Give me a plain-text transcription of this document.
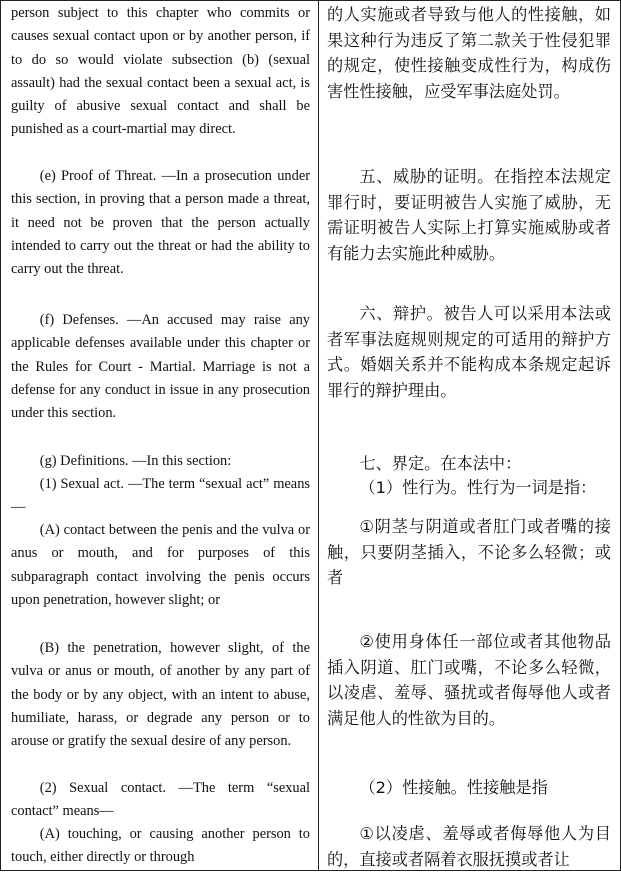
person subject to this chapter who commits or causes sexual contact upon or by another person, if to do so would violate subsection (b) (sexual assault) had the sexual contact been a sexual act, is guilty of abusive sexual contact and shall be punished as a court-martial may direct.

(e) Proof of Threat. —In a prosecution under this section, in proving that a person made a threat, it need not be proven that the person actually intended to carry out the threat or had the ability to carry out the threat.

(f) Defenses. —An accused may raise any applicable defenses available under this chapter or the Rules for Court - Martial. Marriage is not a defense for any conduct in issue in any prosecution under this section.

(g) Definitions. —In this section:

(1) Sexual act. —The term “sexual act” means—

(A) contact between the penis and the vulva or anus or mouth, and for purposes of this subparagraph contact involving the penis occurs upon penetration, however slight; or

(B) the penetration, however slight, of the vulva or anus or mouth, of another by any part of the body or by any object, with an intent to abuse, humiliate, harass, or degrade any person or to arouse or gratify the sexual desire of any person.

(2) Sexual contact. —The term “sexual contact” means—

(A) touching, or causing another person to touch, either directly or through

的人实施或者导致与他人的性接触，如果这种行为违反了第二款关于性侵犯罪的规定，使性接触变成性行为，构成伤害性性接触，应受军事法庭处罚。

五、威胁的证明。在指控本法规定罪行时，要证明被告人实施了威胁，无需证明被告人实际上打算实施威胁或者有能力去实施此种威胁。

六、辩护。被告人可以采用本法或者军事法庭规则规定的可适用的辩护方式。婚姻关系并不能构成本条规定起诉罪行的辩护理由。

七、界定。在本法中：

（1）性行为。性行为一词是指：

①阴茎与阴道或者肛门或者嘴的接触，只要阴茎插入，不论多么轻微；或者

②使用身体任一部位或者其他物品插入阴道、肛门或嘴，不论多么轻微，以凌虐、羞辱、骚扰或者侮辱他人或者满足他人的性欲为目的。

（2）性接触。性接触是指

①以凌虐、羞辱或者侮辱他人为目的，直接或者隔着衣服抚摸或者让
